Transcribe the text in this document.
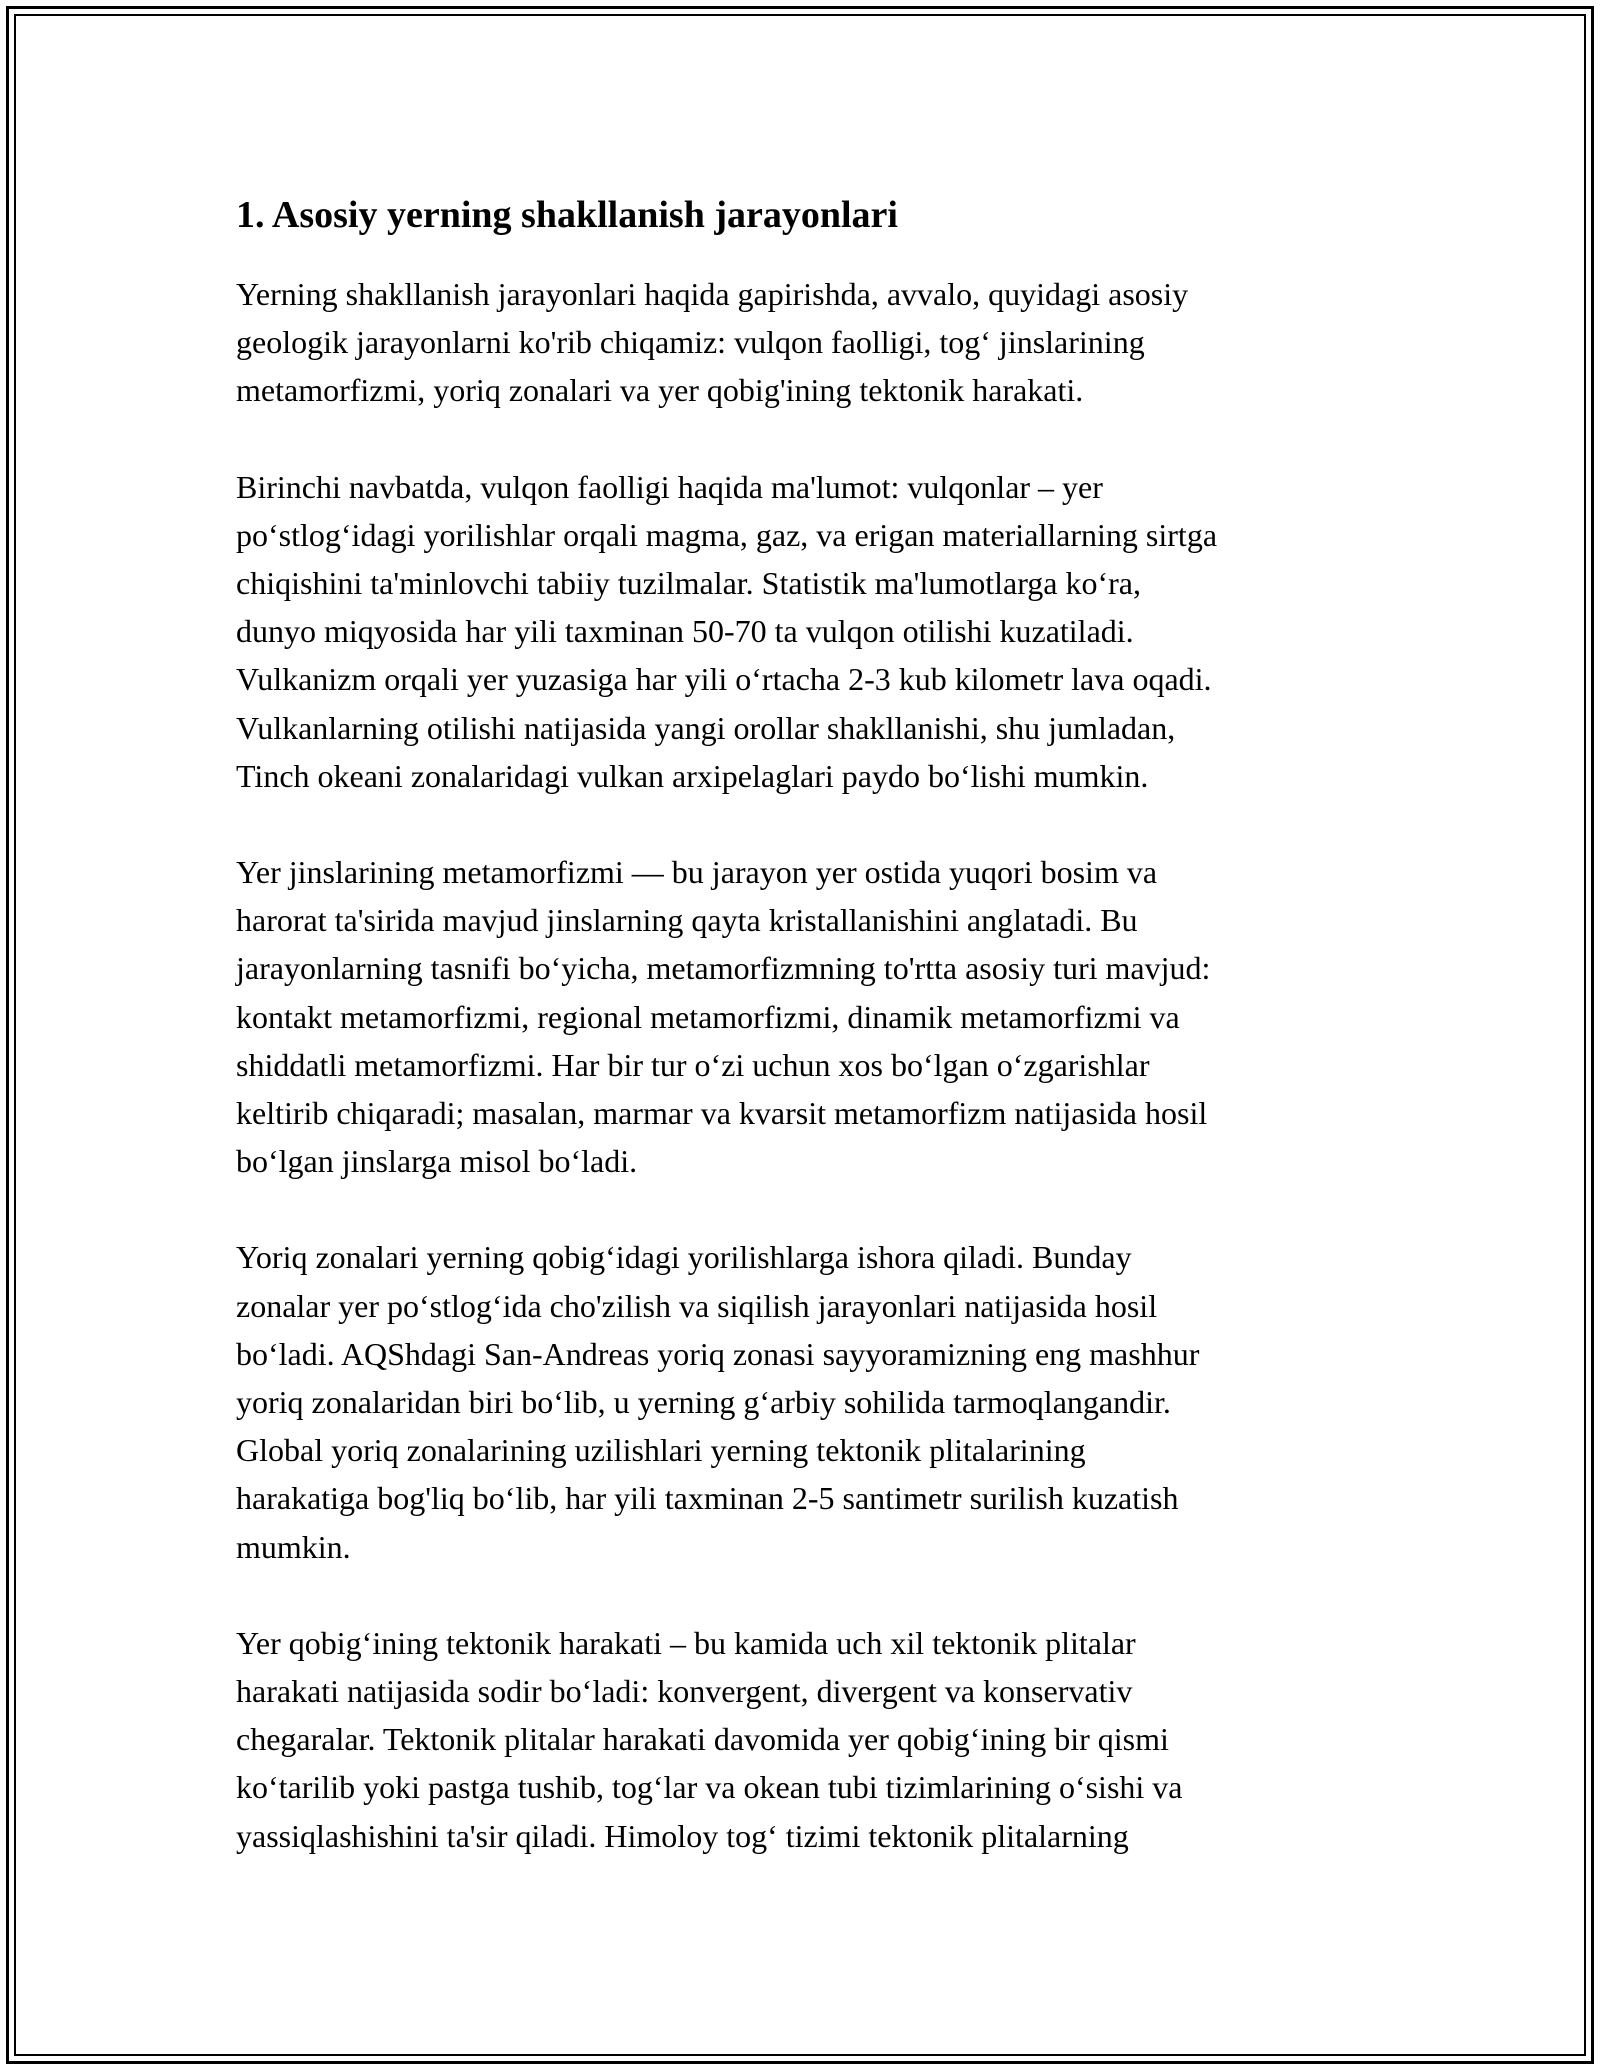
1. Asosiy yerning shakllanish jarayonlari

Yerning shakllanish jarayonlari haqida gapirishda, avvalo, quyidagi asosiy
geologik jarayonlarni ko'rib chiqamiz: vulqon faolligi, tog‘ jinslarining
metamorfizmi, yoriq zonalari va yer qobig'ining tektonik harakati.

Birinchi navbatda, vulqon faolligi haqida ma'lumot: vulqonlar – yer
po‘stlog‘idagi yorilishlar orqali magma, gaz, va erigan materiallarning sirtga
chiqishini ta'minlovchi tabiiy tuzilmalar. Statistik ma'lumotlarga ko‘ra,
dunyo miqyosida har yili taxminan 50-70 ta vulqon otilishi kuzatiladi.
Vulkanizm orqali yer yuzasiga har yili o‘rtacha 2-3 kub kilometr lava oqadi.
Vulkanlarning otilishi natijasida yangi orollar shakllanishi, shu jumladan,
Tinch okeani zonalaridagi vulkan arxipelaglari paydo bo‘lishi mumkin.

Yer jinslarining metamorfizmi — bu jarayon yer ostida yuqori bosim va
harorat ta'sirida mavjud jinslarning qayta kristallanishini anglatadi. Bu
jarayonlarning tasnifi bo‘yicha, metamorfizmning to'rtta asosiy turi mavjud:
kontakt metamorfizmi, regional metamorfizmi, dinamik metamorfizmi va
shiddatli metamorfizmi. Har bir tur o‘zi uchun xos bo‘lgan o‘zgarishlar
keltirib chiqaradi; masalan, marmar va kvarsit metamorfizm natijasida hosil
bo‘lgan jinslarga misol bo‘ladi.

Yoriq zonalari yerning qobig‘idagi yorilishlarga ishora qiladi. Bunday
zonalar yer po‘stlog‘ida cho'zilish va siqilish jarayonlari natijasida hosil
bo‘ladi. AQShdagi San-Andreas yoriq zonasi sayyoramizning eng mashhur
yoriq zonalaridan biri bo‘lib, u yerning g‘arbiy sohilida tarmoqlangandir.
Global yoriq zonalarining uzilishlari yerning tektonik plitalarining
harakatiga bog'liq bo‘lib, har yili taxminan 2-5 santimetr surilish kuzatish
mumkin.

Yer qobig‘ining tektonik harakati – bu kamida uch xil tektonik plitalar
harakati natijasida sodir bo‘ladi: konvergent, divergent va konservativ
chegaralar. Tektonik plitalar harakati davomida yer qobig‘ining bir qismi
ko‘tarilib yoki pastga tushib, tog‘lar va okean tubi tizimlarining o‘sishi va
yassiqlashishini ta'sir qiladi. Himoloy tog‘ tizimi tektonik plitalarning
